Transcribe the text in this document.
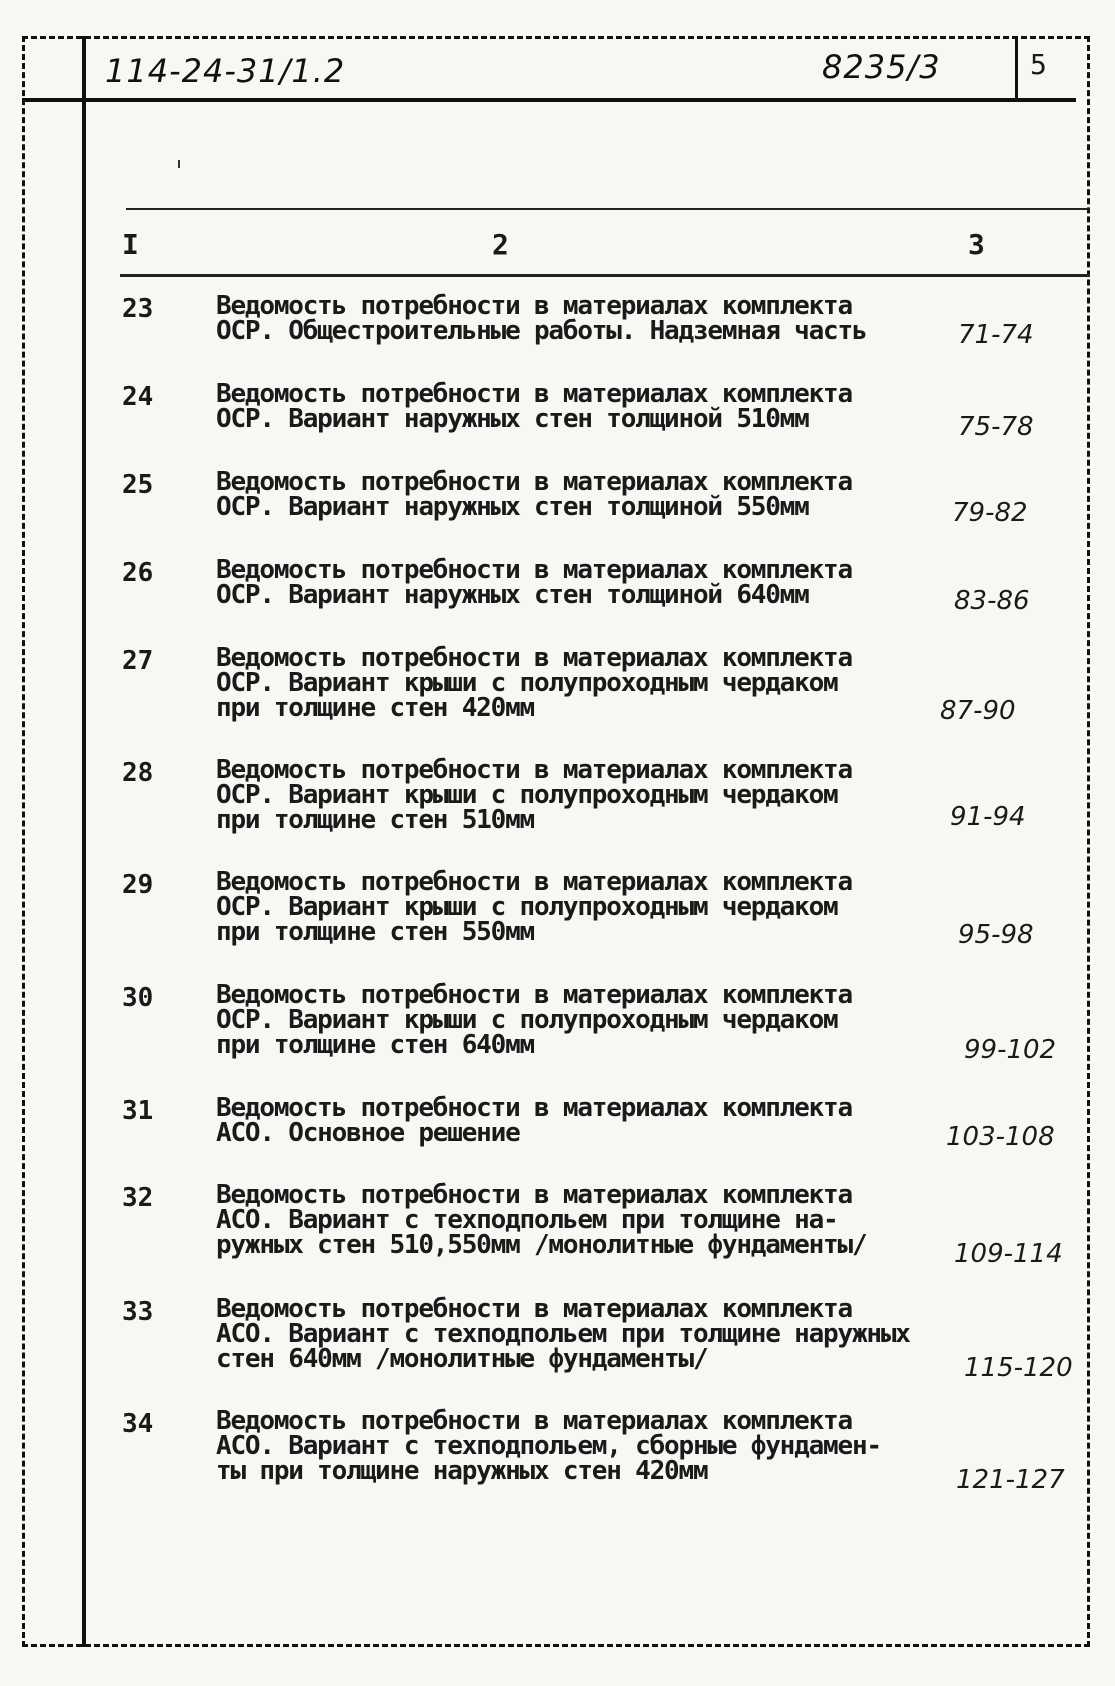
114-24-31/1.2	8235/3	5
I	2	3
23 Ведомость потребности в материалах комплекта
ОСР. Общестроительные работы. Надземная часть	71-74
24 Ведомость потребности в материалах комплекта
ОСР. Вариант наружных стен толщиной 510мм	75-78
25 Ведомость потребности в материалах комплекта
ОСР. Вариант наружных стен толщиной 550мм	79-82
26 Ведомость потребности в материалах комплекта
ОСР. Вариант наружных стен толщиной 640мм	83-86
27 Ведомость потребности в материалах комплекта
ОСР. Вариант крыши с полупроходным чердаком
при толщине стен 420мм	87-90
28 Ведомость потребности в материалах комплекта
ОСР. Вариант крыши с полупроходным чердаком
при толщине стен 510мм	91-94
29 Ведомость потребности в материалах комплекта
ОСР. Вариант крыши с полупроходным чердаком
при толщине стен 550мм	95-98
30 Ведомость потребности в материалах комплекта
ОСР. Вариант крыши с полупроходным чердаком
при толщине стен 640мм	99-102
31 Ведомость потребности в материалах комплекта
АСО. Основное решение	103-108
32 Ведомость потребности в материалах комплекта
АСО. Вариант с техподпольем при толщине на-
ружных стен 510,550мм /монолитные фундаменты/	109-114
33 Ведомость потребности в материалах комплекта
АСО. Вариант с техподпольем при толщине наружных
стен 640мм /монолитные фундаменты/	115-120
34 Ведомость потребности в материалах комплекта
АСО. Вариант с техподпольем, сборные фундамен-
ты при толщине наружных стен 420мм	121-127
